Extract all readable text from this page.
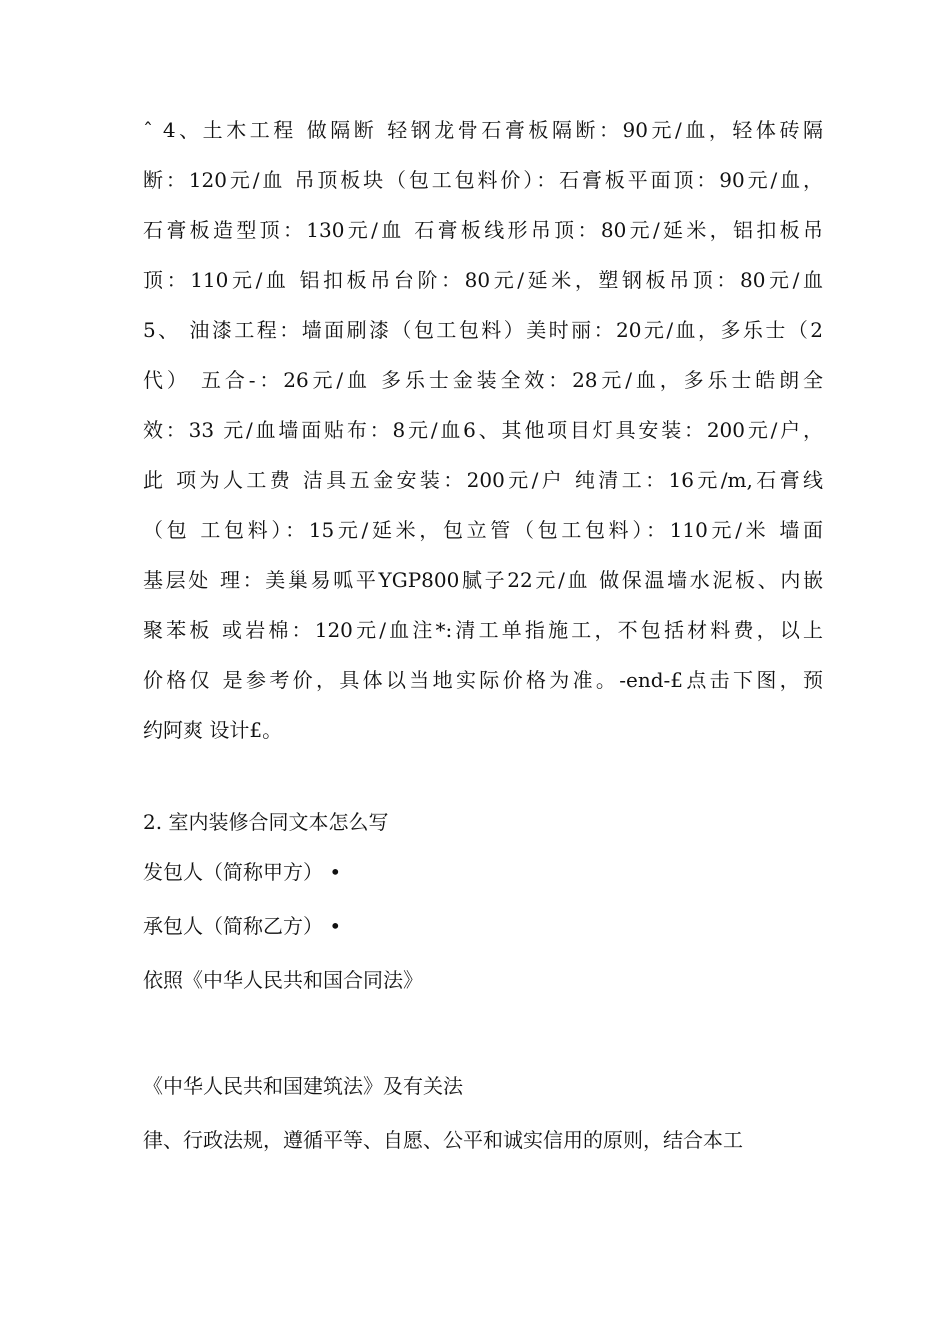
ˆ 4、土木工程 做隔断 轻钢龙骨石膏板隔断：90元/血，轻体砖隔
断：120元/血 吊顶板块（包工包料价）：石膏板平面顶：90元/血，
石膏板造型顶：130元/血 石膏板线形吊顶：80元/延米，铝扣板吊
顶：110元/血 铝扣板吊台阶：80元/延米，塑钢板吊顶：80元/血
5、 油漆工程：墙面刷漆（包工包料）美时丽：20元/血，多乐士（2
代） 五合-：26元/血 多乐士金装全效：28元/血，多乐士皓朗全
效：33 元/血墙面贴布：8元/血6、其他项目灯具安装：200元/户，
此 项为人工费 洁具五金安装：200元/户 纯清工：16元/m,石膏线
（包 工包料）：15元/延米，包立管（包工包料）：110元/米 墙面
基层处 理：美巢易呱平YGP800腻子22元/血 做保温墙水泥板、内嵌
聚苯板 或岩棉：120元/血注*:清工单指施工，不包括材料费，以上
价格仅 是参考价，具体以当地实际价格为准。-end-£点击下图，预
约阿爽 设计£。
2. 室内装修合同文本怎么写
发包人（简称甲方） •
承包人（简称乙方） •
依照《中华人民共和国合同法》
《中华人民共和国建筑法》及有关法
律、行政法规，遵循平等、自愿、公平和诚实信用的原则，结合本工
